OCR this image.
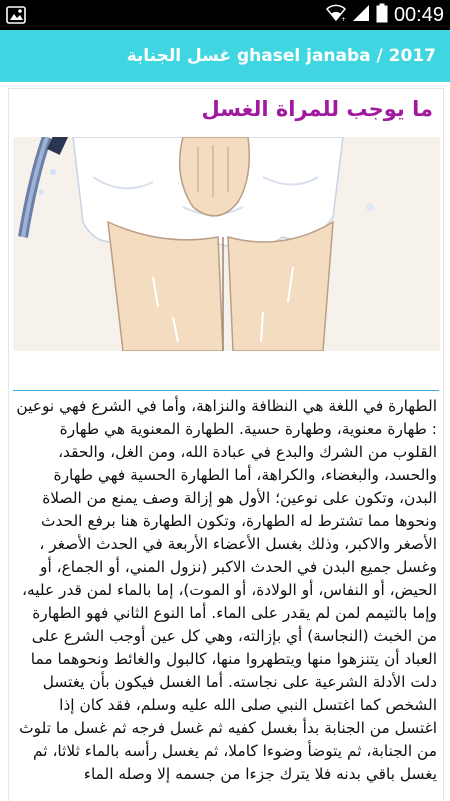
+ 00:49
ghasel janaba / 2017 غسل الجنابة
ما يوجب للمراة الغسل
الطهارة في اللغة هي النظافة والنزاهة، وأما في الشرع فهي نوعين : طهارة معنوية، وطهارة حسية. الطهارة المعنوية هي طهارة القلوب من الشرك والبدع في عبادة الله، ومن الغل، والحقد، والحسد، والبغضاء، والكراهة، أما الطهارة الحسية فهي طهارة البدن، وتكون على نوعين؛ الأول هو إزالة وصف يمنع من الصلاة ونحوها مما تشترط له الطهارة، وتكون الطهارة هنا برفع الحدث الأصغر والاكبر، وذلك بغسل الأعضاء الأربعة في الحدث الأصغر ، وغسل جميع البدن في الحدث الاكبر (نزول المني، أو الجماع، أو الحيض، أو النفاس، أو الولادة، أو الموت)، إما بالماء لمن قدر عليه، وإما بالتيمم لمن لم يقدر على الماء. أما النوع الثاني فهو الطهارة من الخبث (النجاسة) أي بإزالته، وهي كل عين أوجب الشرع على العباد أن يتنزهوا منها ويتطهروا منها، كالبول والغائط ونحوهما مما دلت الأدلة الشرعية على نجاسته. أما الغسل فيكون بأن يغتسل الشخص كما اغتسل النبي صلى الله عليه وسلم، فقد كان إذا اغتسل من الجنابة بدأ بغسل كفيه ثم غسل فرجه ثم غسل ما تلوث من الجنابة، ثم يتوضأ وضوءا كاملا، ثم يغسل رأسه بالماء ثلاثا، ثم يغسل باقي بدنه فلا يترك جزءا من جسمه إلا وصله الماء
